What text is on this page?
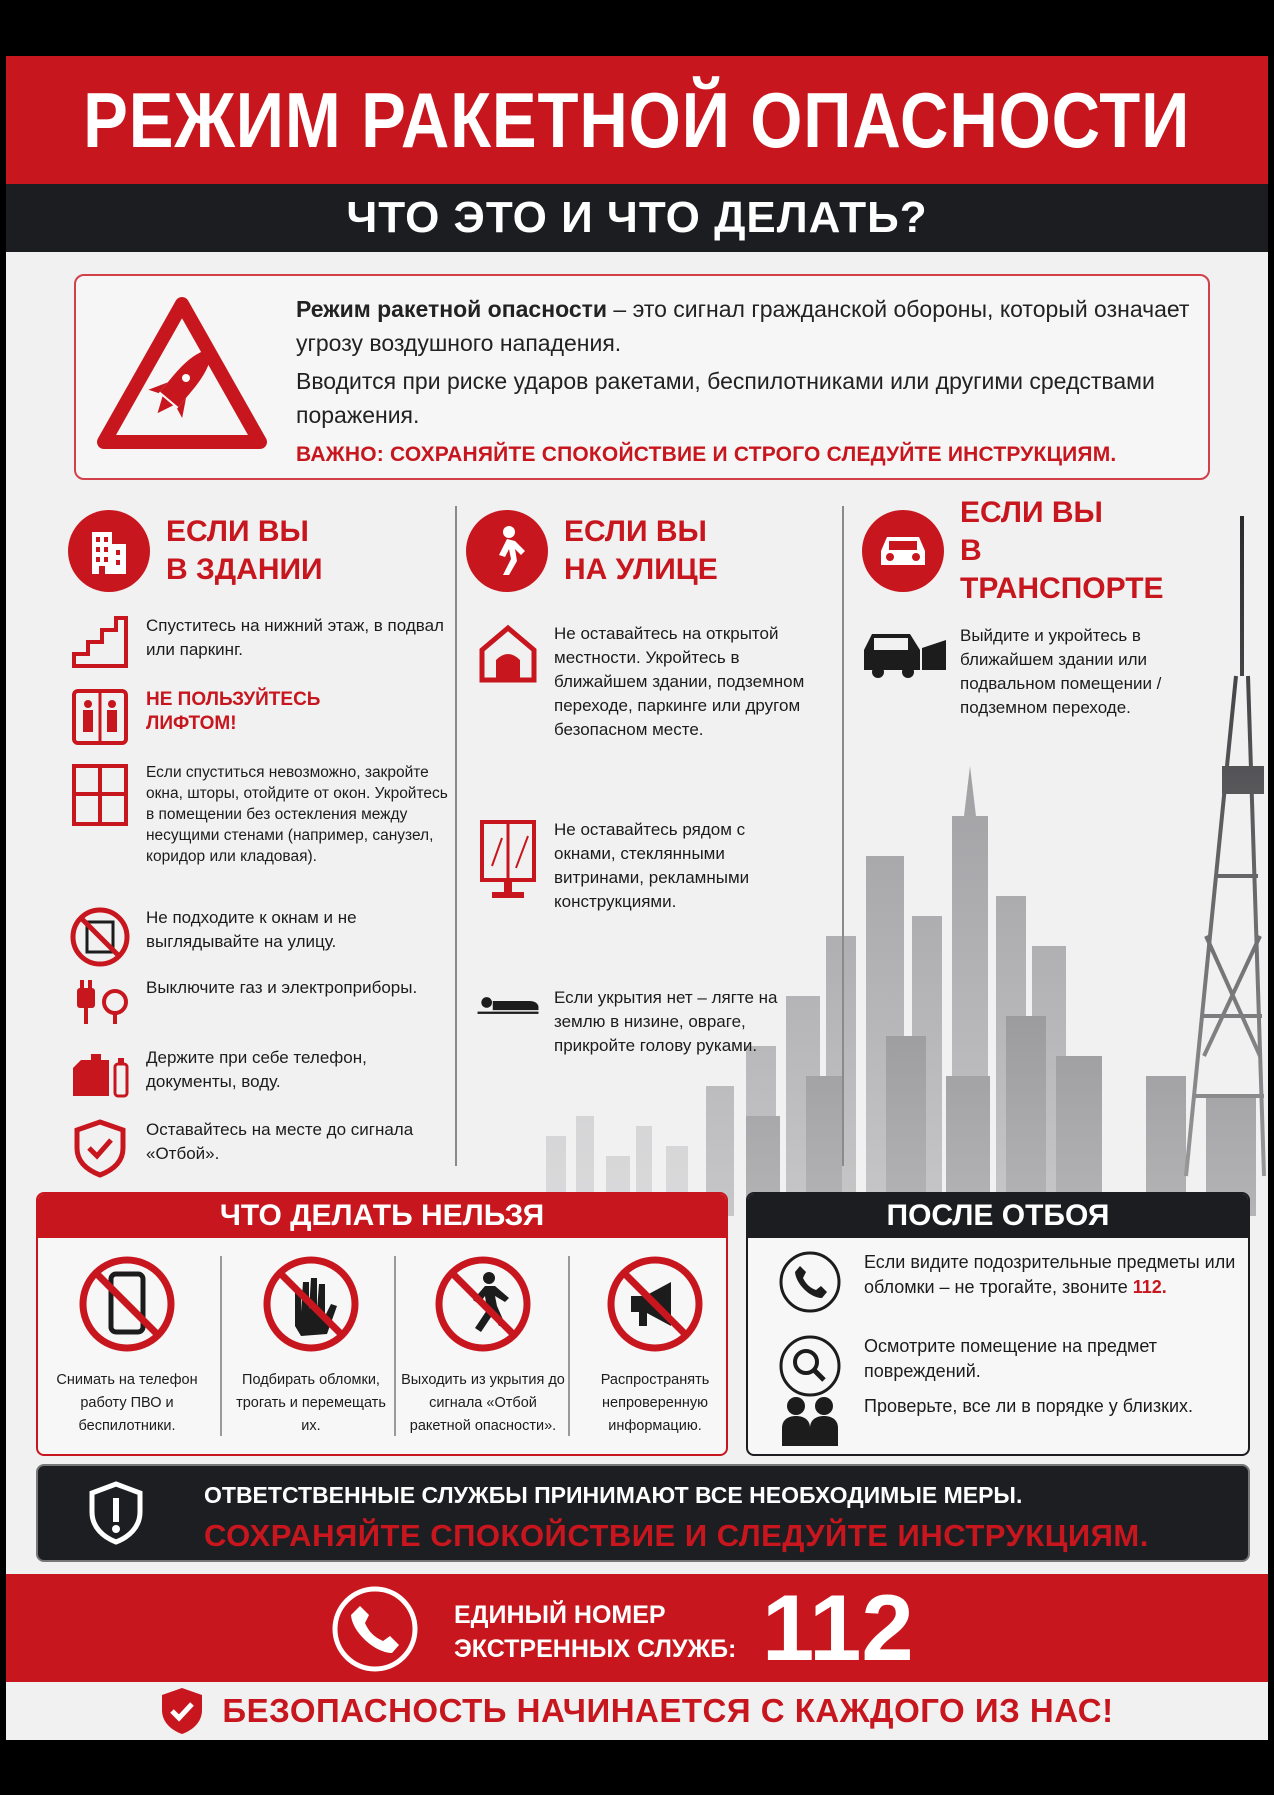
РЕЖИМ РАКЕТНОЙ ОПАСНОСТИ
ЧТО ЭТО И ЧТО ДЕЛАТЬ?

Режим ракетной опасности – это сигнал гражданской обороны, который означает угрозу воздушного нападения.

Вводится при риске ударов ракетами, беспилотниками или другими средствами поражения.

ВАЖНО: СОХРАНЯЙТЕ СПОКОЙСТВИЕ И СТРОГО СЛЕДУЙТЕ ИНСТРУКЦИЯМ.

ЕСЛИ ВЫ
В ЗДАНИИ
Спуститесь на нижний этаж, в подвал или паркинг.
НЕ ПОЛЬЗУЙТЕСЬ ЛИФТОМ!
Если спуститься невозможно, закройте окна, шторы, отойдите от окон. Укройтесь в помещении без остекления между несущими стенами (например, санузел, коридор или кладовая).
Не подходите к окнам и не выглядывайте на улицу.
Выключите газ и электроприборы.
Держите при себе телефон, документы, воду.
Оставайтесь на месте до сигнала «Отбой».
ЕСЛИ ВЫ
НА УЛИЦЕ
Не оставайтесь на открытой местности. Укройтесь в ближайшем здании, подземном переходе, паркинге или другом безопасном месте.
Не оставайтесь рядом с окнами, стеклянными витринами, рекламными конструкциями.
Если укрытия нет – лягте на землю в низине, овраге, прикройте голову руками.
ЕСЛИ ВЫ
В ТРАНСПОРТЕ
Выйдите и укройтесь в ближайшем здании или подвальном помещении / подземном переходе.
ЧТО ДЕЛАТЬ НЕЛЬЗЯ
Снимать на телефон работу ПВО и беспилотники.
Подбирать обломки, трогать и перемещать их.
Выходить из укрытия до сигнала «Отбой ракетной опасности».
Распространять непроверенную информацию.
ПОСЛЕ ОТБОЯ
Если видите подозрительные предметы или обломки – не трогайте, звоните 112.
Осмотрите помещение на предмет повреждений.
Проверьте, все ли в порядке у близких.
ОТВЕТСТВЕННЫЕ СЛУЖБЫ ПРИНИМАЮТ ВСЕ НЕОБХОДИМЫЕ МЕРЫ.
СОХРАНЯЙТЕ СПОКОЙСТВИЕ И СЛЕДУЙТЕ ИНСТРУКЦИЯМ.
ЕДИНЫЙ НОМЕР
ЭКСТРЕННЫХ СЛУЖБ: 112
БЕЗОПАСНОСТЬ НАЧИНАЕТСЯ С КАЖДОГО ИЗ НАС!
